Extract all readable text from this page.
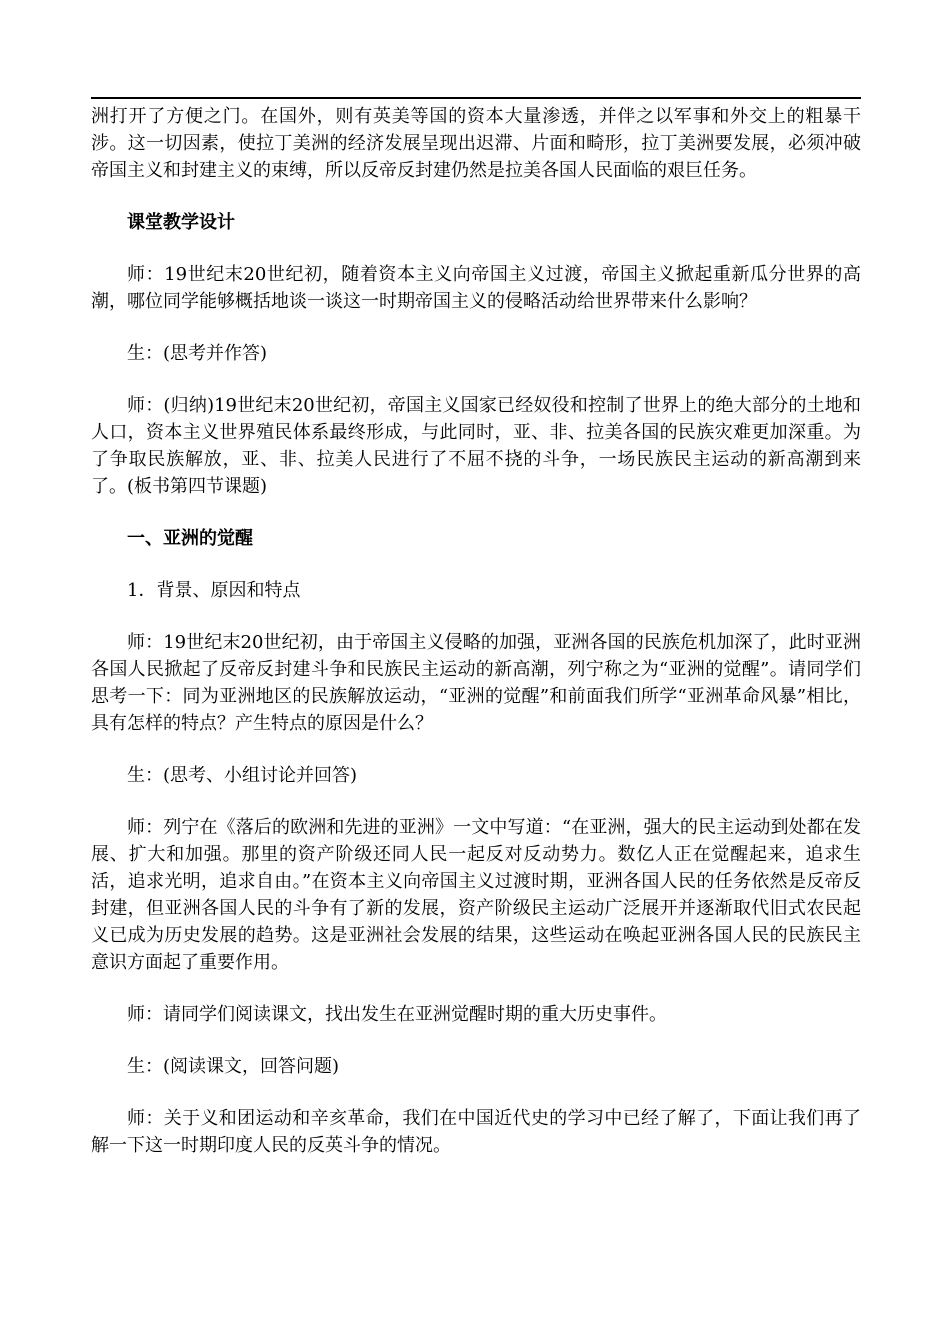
洲打开了方便之门。在国外，则有英美等国的资本大量渗透，并伴之以军事和外交上的粗暴干涉。这一切因素，使拉丁美洲的经济发展呈现出迟滞、片面和畸形，拉丁美洲要发展，必须冲破帝国主义和封建主义的束缚，所以反帝反封建仍然是拉美各国人民面临的艰巨任务。

课堂教学设计

师：19世纪末20世纪初，随着资本主义向帝国主义过渡，帝国主义掀起重新瓜分世界的高潮，哪位同学能够概括地谈一谈这一时期帝国主义的侵略活动给世界带来什么影响？

生：(思考并作答)

师：(归纳)19世纪末20世纪初，帝国主义国家已经奴役和控制了世界上的绝大部分的土地和人口，资本主义世界殖民体系最终形成，与此同时，亚、非、拉美各国的民族灾难更加深重。为了争取民族解放，亚、非、拉美人民进行了不屈不挠的斗争，一场民族民主运动的新高潮到来了。(板书第四节课题)

一、亚洲的觉醒

1．背景、原因和特点

师：19世纪末20世纪初，由于帝国主义侵略的加强，亚洲各国的民族危机加深了，此时亚洲各国人民掀起了反帝反封建斗争和民族民主运动的新高潮，列宁称之为“亚洲的觉醒”。请同学们思考一下：同为亚洲地区的民族解放运动，“亚洲的觉醒”和前面我们所学“亚洲革命风暴”相比，具有怎样的特点？产生特点的原因是什么？

生：(思考、小组讨论并回答)

师：列宁在《落后的欧洲和先进的亚洲》一文中写道：“在亚洲，强大的民主运动到处都在发展、扩大和加强。那里的资产阶级还同人民一起反对反动势力。数亿人正在觉醒起来，追求生活，追求光明，追求自由。”在资本主义向帝国主义过渡时期，亚洲各国人民的任务依然是反帝反封建，但亚洲各国人民的斗争有了新的发展，资产阶级民主运动广泛展开并逐渐取代旧式农民起义已成为历史发展的趋势。这是亚洲社会发展的结果，这些运动在唤起亚洲各国人民的民族民主意识方面起了重要作用。

师：请同学们阅读课文，找出发生在亚洲觉醒时期的重大历史事件。

生：(阅读课文，回答问题)

师：关于义和团运动和辛亥革命，我们在中国近代史的学习中已经了解了，下面让我们再了解一下这一时期印度人民的反英斗争的情况。
